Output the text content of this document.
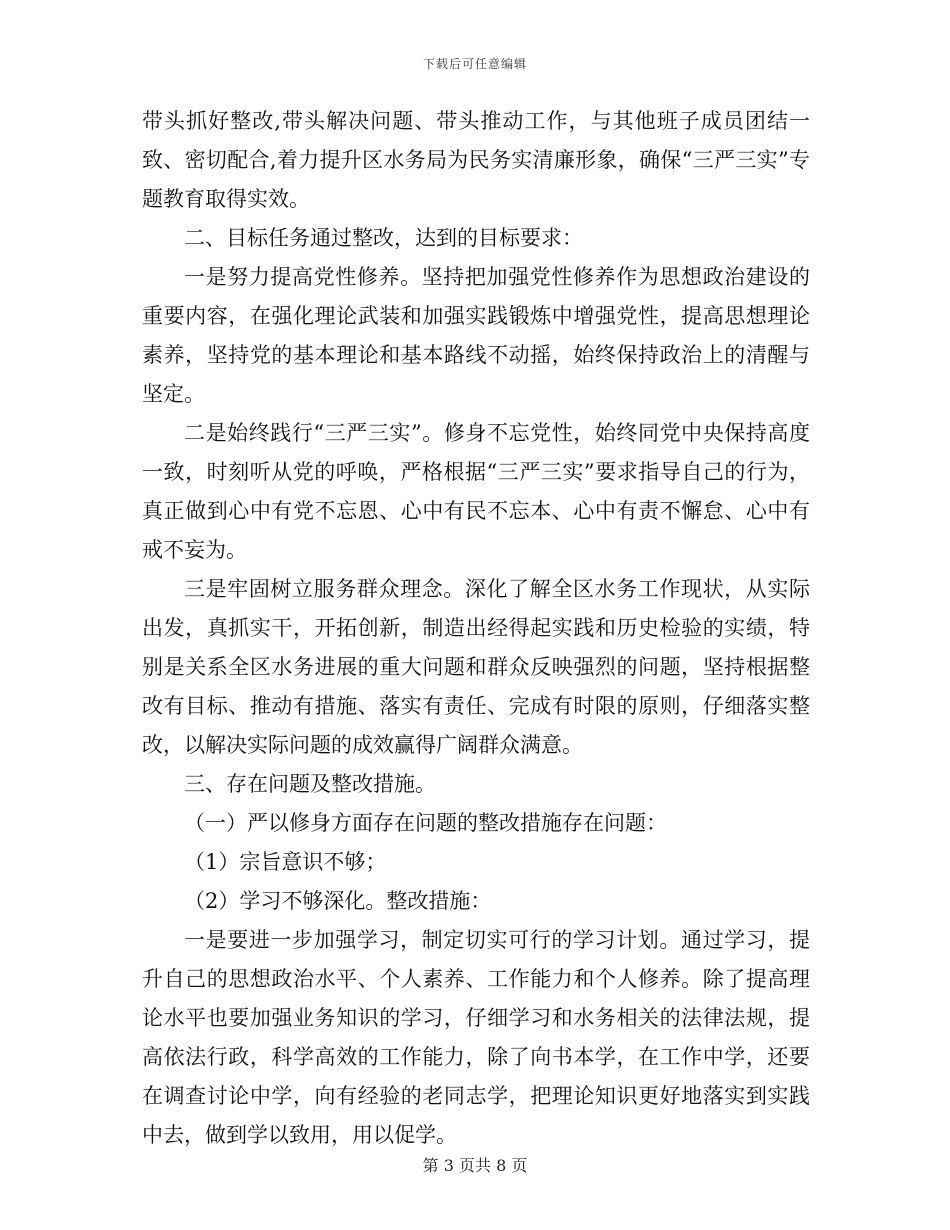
下载后可任意编辑

带头抓好整改,带头解决问题、带头推动工作，与其他班子成员团结一致、密切配合,着力提升区水务局为民务实清廉形象，确保“三严三实”专题教育取得实效。

二、目标任务通过整改，达到的目标要求：

一是努力提高党性修养。坚持把加强党性修养作为思想政治建设的重要内容，在强化理论武装和加强实践锻炼中增强党性，提高思想理论素养，坚持党的基本理论和基本路线不动摇，始终保持政治上的清醒与坚定。

二是始终践行“三严三实”。修身不忘党性，始终同党中央保持高度一致，时刻听从党的呼唤，严格根据“三严三实”要求指导自己的行为，真正做到心中有党不忘恩、心中有民不忘本、心中有责不懈怠、心中有戒不妄为。

三是牢固树立服务群众理念。深化了解全区水务工作现状，从实际出发，真抓实干，开拓创新，制造出经得起实践和历史检验的实绩，特别是关系全区水务进展的重大问题和群众反映强烈的问题，坚持根据整改有目标、推动有措施、落实有责任、完成有时限的原则，仔细落实整改，以解决实际问题的成效赢得广阔群众满意。

三、存在问题及整改措施。

（一）严以修身方面存在问题的整改措施存在问题：

（1）宗旨意识不够；

（2）学习不够深化。整改措施：

一是要进一步加强学习，制定切实可行的学习计划。通过学习，提升自己的思想政治水平、个人素养、工作能力和个人修养。除了提高理论水平也要加强业务知识的学习，仔细学习和水务相关的法律法规，提高依法行政，科学高效的工作能力，除了向书本学，在工作中学，还要在调查讨论中学，向有经验的老同志学，把理论知识更好地落实到实践中去，做到学以致用，用以促学。

第 3 页共 8 页
